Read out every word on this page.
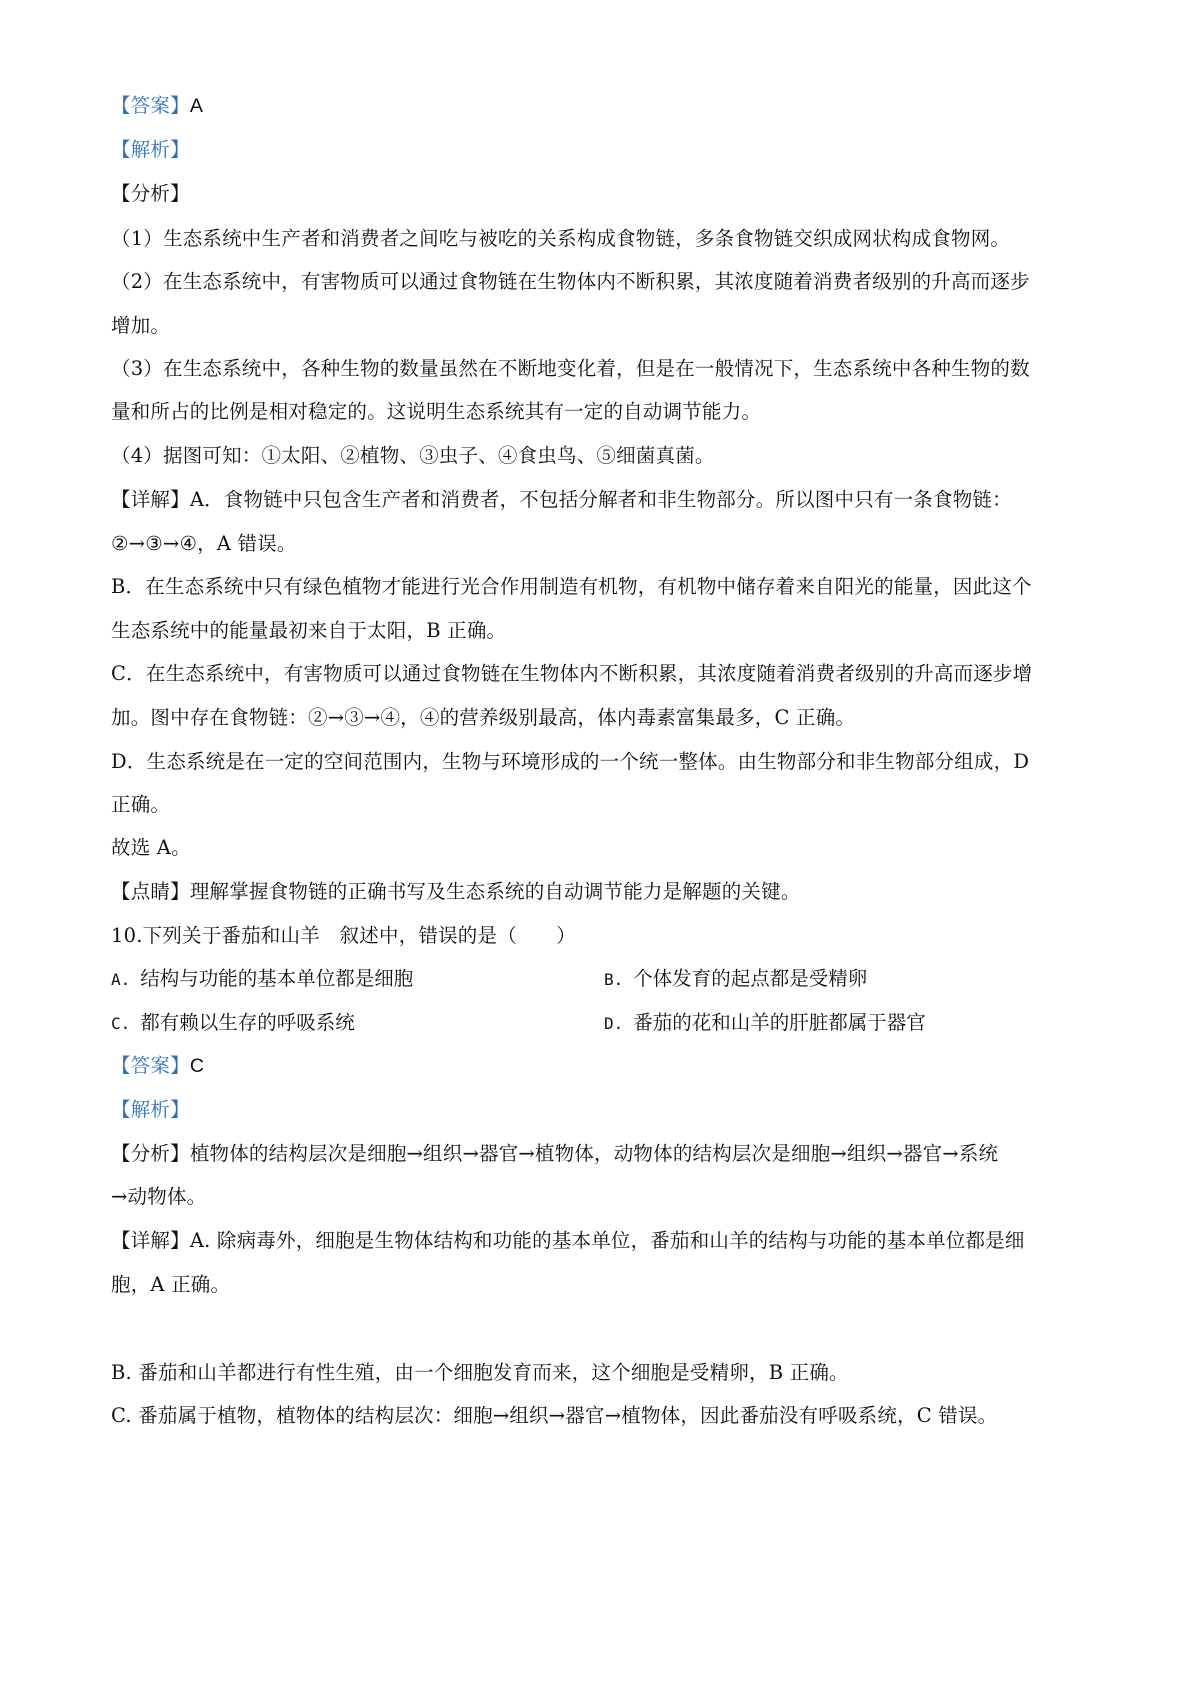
【答案】A
【解析】
【分析】
（1）生态系统中生产者和消费者之间吃与被吃的关系构成食物链，多条食物链交织成网状构成食物网。
（2）在生态系统中，有害物质可以通过食物链在生物体内不断积累，其浓度随着消费者级别的升高而逐步
增加。
（3）在生态系统中，各种生物的数量虽然在不断地变化着，但是在一般情况下，生态系统中各种生物的数
量和所占的比例是相对稳定的。这说明生态系统其有一定的自动调节能力。
（4）据图可知：①太阳、②植物、③虫子、④食虫鸟、⑤细菌真菌。
【详解】A．食物链中只包含生产者和消费者，不包括分解者和非生物部分。所以图中只有一条食物链：
②→③→④，A 错误。
B．在生态系统中只有绿色植物才能进行光合作用制造有机物，有机物中储存着来自阳光的能量，因此这个
生态系统中的能量最初来自于太阳，B 正确。
C．在生态系统中，有害物质可以通过食物链在生物体内不断积累，其浓度随着消费者级别的升高而逐步增
加。图中存在食物链：②→③→④，④的营养级别最高，体内毒素富集最多，C 正确。
D．生态系统是在一定的空间范围内，生物与环境形成的一个统一整体。由生物部分和非生物部分组成，D
正确。
故选 A。
【点睛】理解掌握食物链的正确书写及生态系统的自动调节能力是解题的关键。
10.下列关于番茄和山羊　叙述中，错误的是（　　）
A. 结构与功能的基本单位都是细胞	B. 个体发育的起点都是受精卵
C. 都有赖以生存的呼吸系统	D. 番茄的花和山羊的肝脏都属于器官
【答案】C
【解析】
【分析】植物体的结构层次是细胞→组织→器官→植物体，动物体的结构层次是细胞→组织→器官→系统
→动物体。
【详解】A. 除病毒外，细胞是生物体结构和功能的基本单位，番茄和山羊的结构与功能的基本单位都是细
胞，A 正确。
B. 番茄和山羊都进行有性生殖，由一个细胞发育而来，这个细胞是受精卵，B 正确。
C. 番茄属于植物，植物体的结构层次：细胞→组织→器官→植物体，因此番茄没有呼吸系统，C 错误。
